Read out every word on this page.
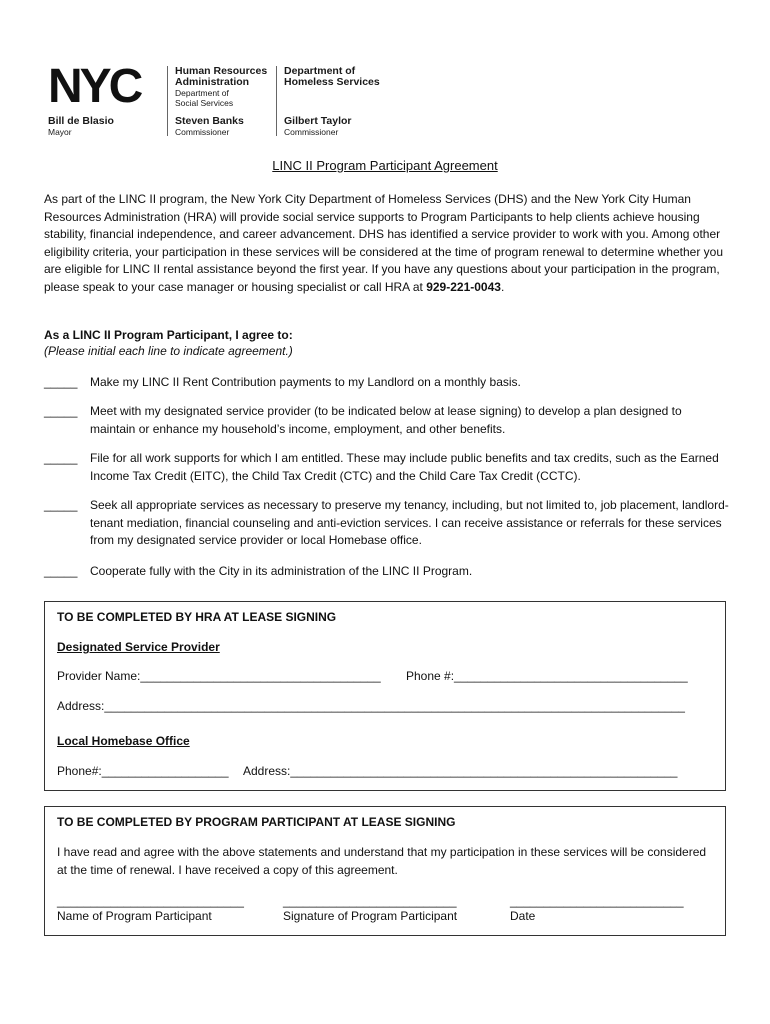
NYC
Bill de Blasio
Mayor
Human Resources
Administration
Department of
Social Services
Steven Banks
Commissioner
Department of
Homeless Services
Gilbert Taylor
Commissioner
LINC II Program Participant Agreement
As part of the LINC II program, the New York City Department of Homeless Services (DHS) and the New York City Human Resources Administration (HRA) will provide social service supports to Program Participants to help clients achieve housing stability, financial independence, and career advancement. DHS has identified a service provider to work with you. Among other eligibility criteria, your participation in these services will be considered at the time of program renewal to determine whether you are eligible for LINC II rental assistance beyond the first year. If you have any questions about your participation in the program, please speak to your case manager or housing specialist or call HRA at 929-221-0043.
As a LINC II Program Participant, I agree to:
(Please initial each line to indicate agreement.)
_____ Make my LINC II Rent Contribution payments to my Landlord on a monthly basis.
_____ Meet with my designated service provider (to be indicated below at lease signing) to develop a plan designed to maintain or enhance my household’s income, employment, and other benefits.
_____ File for all work supports for which I am entitled. These may include public benefits and tax credits, such as the Earned Income Tax Credit (EITC), the Child Tax Credit (CTC) and the Child Care Tax Credit (CCTC).
_____ Seek all appropriate services as necessary to preserve my tenancy, including, but not limited to, job placement, landlord-tenant mediation, financial counseling and anti-eviction services. I can receive assistance or referrals for these services from my designated service provider or local Homebase office.
_____ Cooperate fully with the City in its administration of the LINC II Program.
TO BE COMPLETED BY HRA AT LEASE SIGNING
Designated Service Provider
Provider Name:____________________________________ Phone #:___________________________________
Address:_______________________________________________________________________________________
Local Homebase Office
Phone#:___________________ Address:__________________________________________________________
TO BE COMPLETED BY PROGRAM PARTICIPANT AT LEASE SIGNING
I have read and agree with the above statements and understand that my participation in these services will be considered at the time of renewal. I have received a copy of this agreement.
____________________________	__________________________	__________________________
Name of Program Participant	Signature of Program Participant	Date
